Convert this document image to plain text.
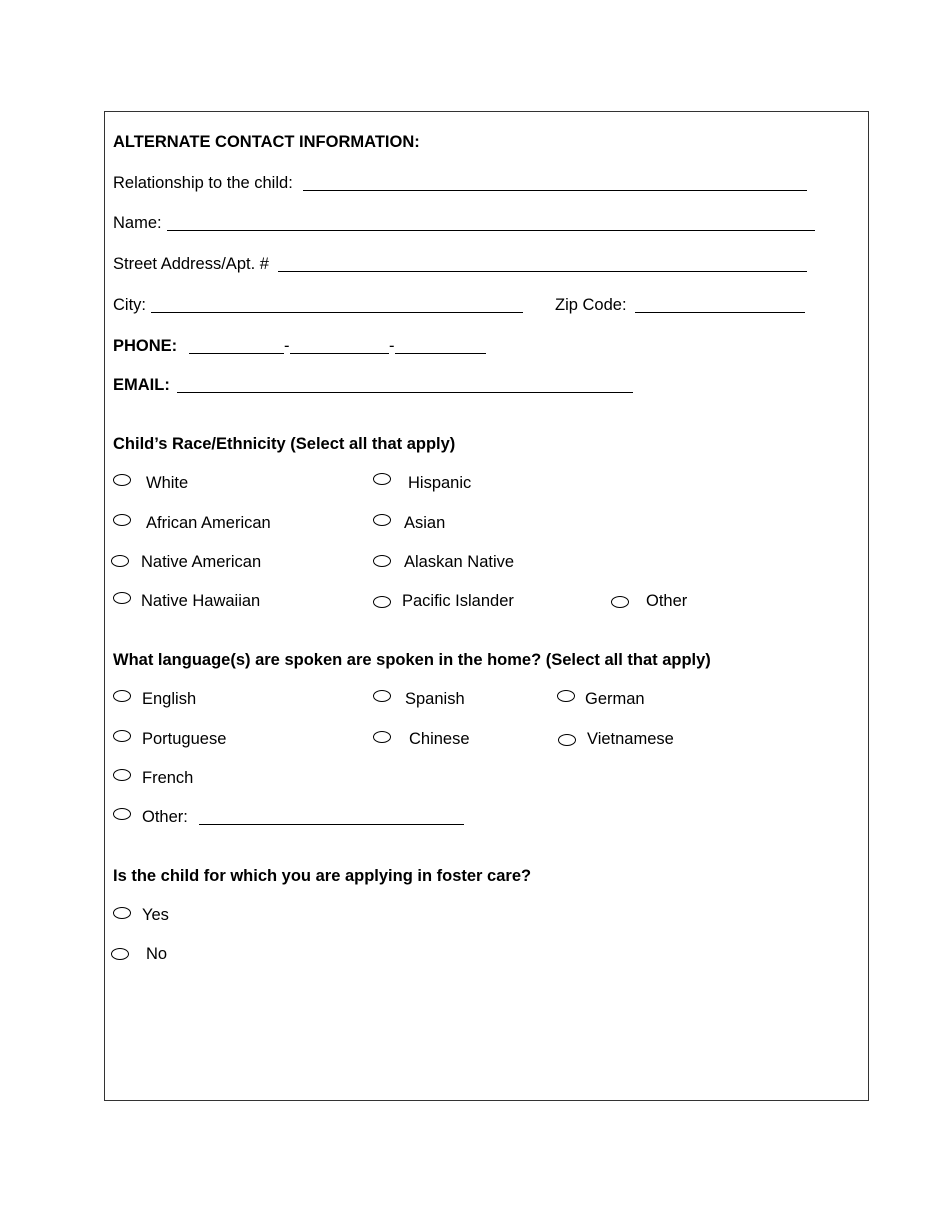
ALTERNATE CONTACT INFORMATION:
Relationship to the child:
Name:
Street Address/Apt. #
City:	Zip Code:
PHONE:	-	-
EMAIL:
Child’s Race/Ethnicity (Select all that apply)
White	Hispanic
African American	Asian
Native American	Alaskan Native
Native Hawaiian	Pacific Islander	Other
What language(s) are spoken are spoken in the home? (Select all that apply)
English	Spanish	German
Portuguese	Chinese	Vietnamese
French
Other:
Is the child for which you are applying in foster care?
Yes
No
